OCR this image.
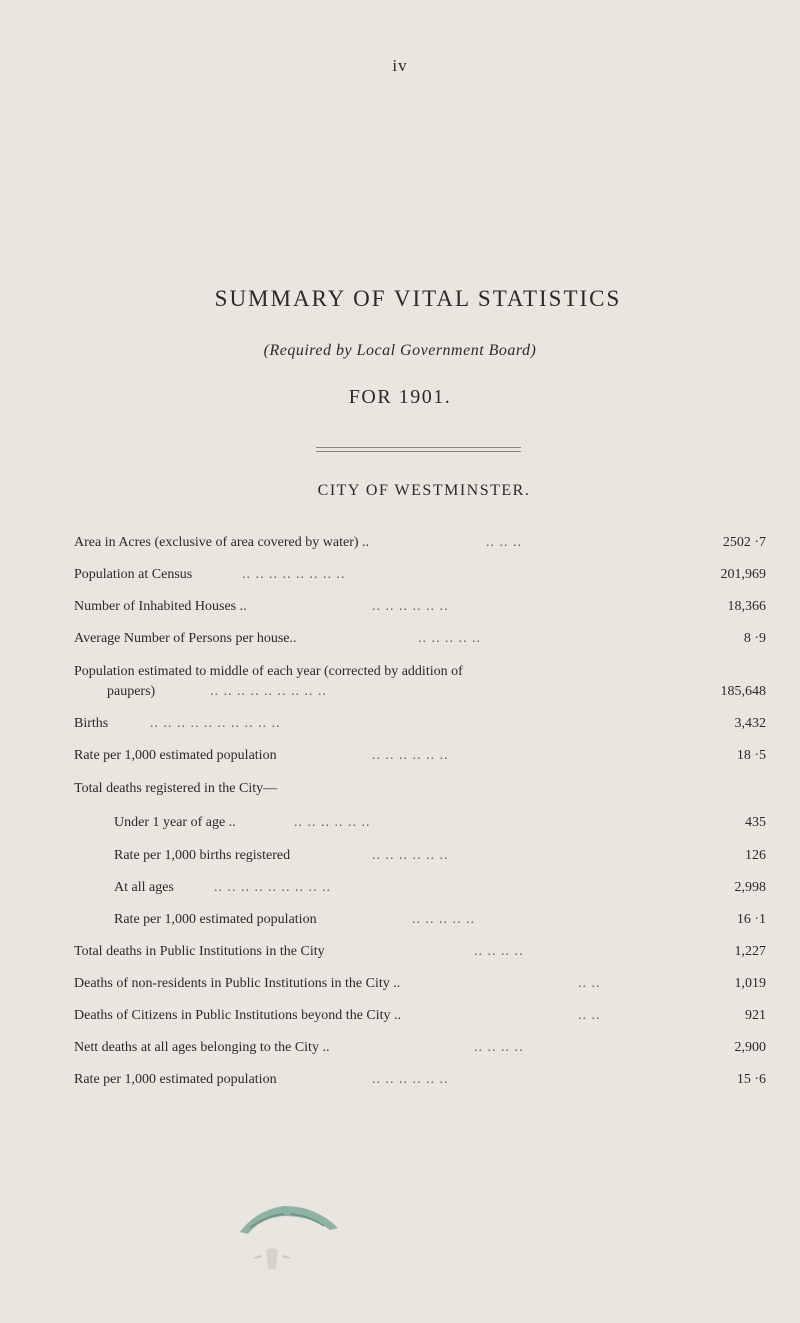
iv
SUMMARY OF VITAL STATISTICS
(Required by Local Government Board)
FOR 1901.
CITY OF WESTMINSTER.
Area in Acres (exclusive of area covered by water) ..	.. .. ..	2502 ·7
Population at Census	.. .. .. .. .. .. .. ..	201,969
Number of Inhabited Houses ..	.. .. .. .. .. ..	18,366
Average Number of Persons per house..	.. .. .. .. ..	8 ·9
Population estimated to middle of each year (corrected by addition of
paupers)	.. .. .. .. .. .. .. .. ..	185,648
Births	.. .. .. .. .. .. .. .. .. ..	3,432
Rate per 1,000 estimated population	.. .. .. .. .. ..	18 ·5
Total deaths registered in the City—
Under 1 year of age ..	.. .. .. .. .. ..	435
Rate per 1,000 births registered	.. .. .. .. .. ..	126
At all ages	.. .. .. .. .. .. .. .. ..	2,998
Rate per 1,000 estimated population	.. .. .. .. ..	16 ·1
Total deaths in Public Institutions in the City	.. .. .. ..	1,227
Deaths of non-residents in Public Institutions in the City ..	.. ..	1,019
Deaths of Citizens in Public Institutions beyond the City ..	.. ..	921
Nett deaths at all ages belonging to the City ..	.. .. .. ..	2,900
Rate per 1,000 estimated population	.. .. .. .. .. ..	15 ·6
